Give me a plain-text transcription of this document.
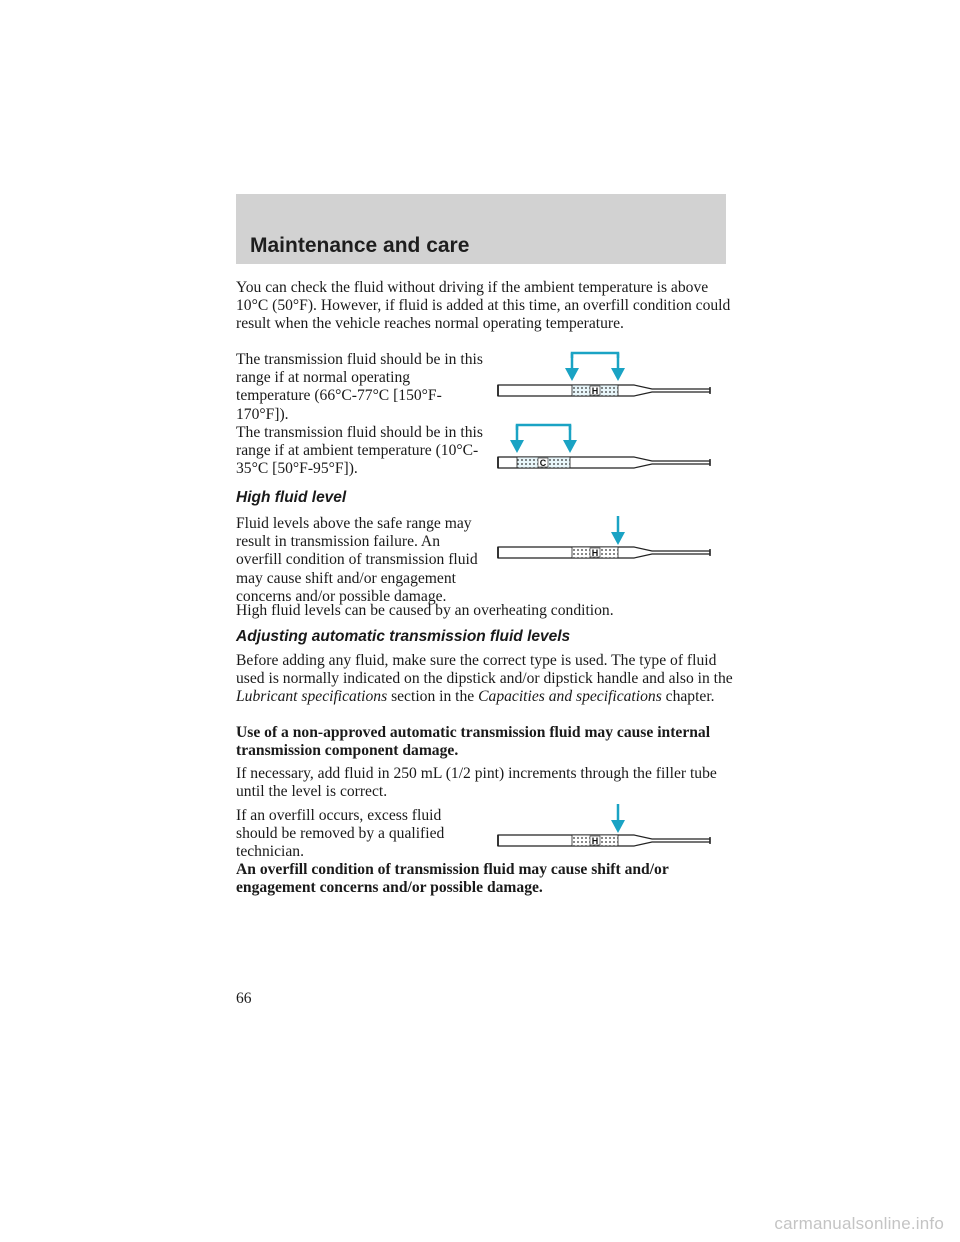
Maintenance and care
You can check the fluid without driving if the ambient temperature is above 10°C (50°F). However, if fluid is added at this time, an overfill condition could result when the vehicle reaches normal operating temperature.
The transmission fluid should be in this range if at normal operating temperature (66°C-77°C [150°F-170°F]).
H
The transmission fluid should be in this range if at ambient temperature (10°C-35°C [50°F-95°F]).	C
High fluid level
Fluid levels above the safe range may result in transmission failure. An overfill condition of transmission fluid may cause shift and/or engagement concerns and/or possible damage.
H
High fluid levels can be caused by an overheating condition.
Adjusting automatic transmission fluid levels
Before adding any fluid, make sure the correct type is used. The type of fluid used is normally indicated on the dipstick and/or dipstick handle and also in the Lubricant specifications section in the Capacities and specifications chapter.
Use of a non-approved automatic transmission fluid may cause internal transmission component damage.
If necessary, add fluid in 250 mL (1/2 pint) increments through the filler tube until the level is correct.
If an overfill occurs, excess fluid should be removed by a qualified technician.
H
An overfill condition of transmission fluid may cause shift and/or engagement concerns and/or possible damage.
66
carmanualsonline.info
